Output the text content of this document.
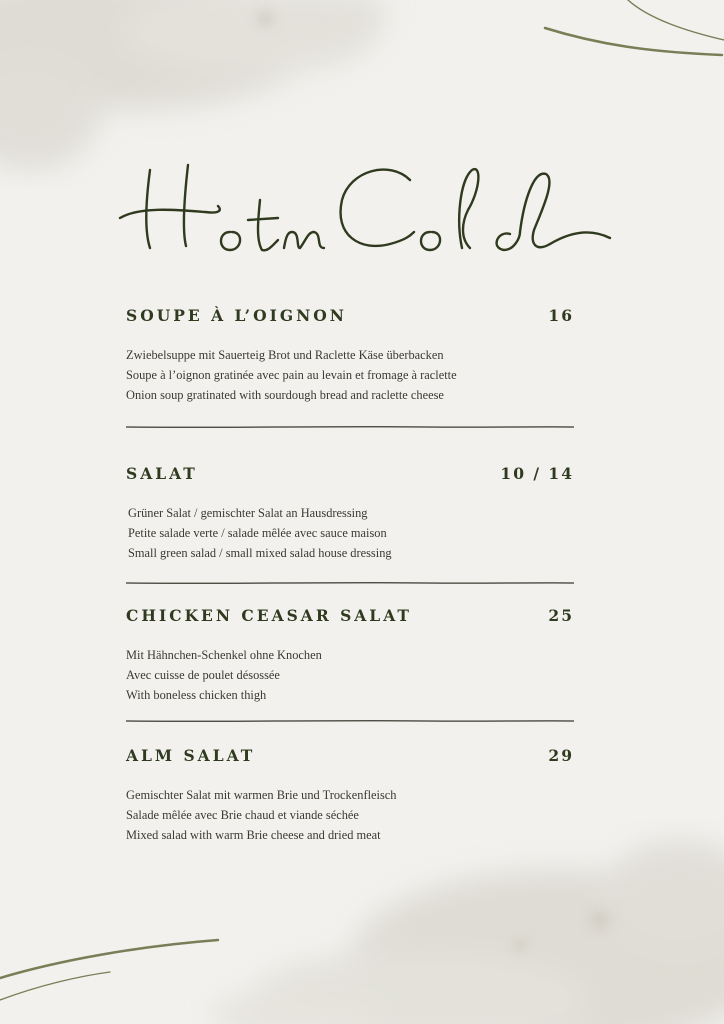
SOUPE À L’OIGNON	16
Zwiebelsuppe mit Sauerteig Brot und Raclette Käse überbacken
Soupe à l’oignon gratinée avec pain au levain et fromage à raclette
Onion soup gratinated with sourdough bread and raclette cheese
SALAT	10 / 14
Grüner Salat / gemischter Salat an Hausdressing
Petite salade verte / salade mêlée avec sauce maison
Small green salad / small mixed salad house dressing
CHICKEN CEASAR SALAT	25
Mit Hähnchen-Schenkel ohne Knochen
Avec cuisse de poulet désossée
With boneless chicken thigh
ALM SALAT	29
Gemischter Salat mit warmen Brie und Trockenfleisch
Salade mêlée avec Brie chaud et viande séchée
Mixed salad with warm Brie cheese and dried meat
